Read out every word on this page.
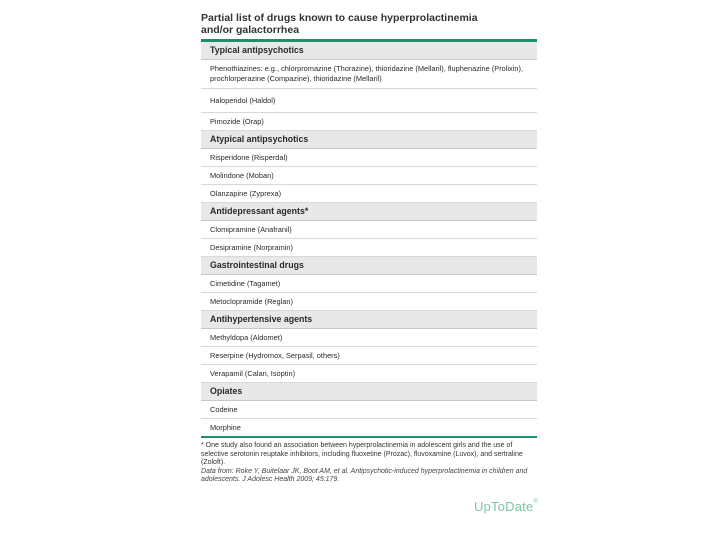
Partial list of drugs known to cause hyperprolactinemia
and/or galactorrhea
Typical antipsychotics
Phenothiazines: e.g., chlorpromazine (Thorazine), thioridazine (Mellaril), fluphenazine (Prolixin), prochlorperazine (Compazine), thioridazine (Mellaril)
Haloperidol (Haldol)
Pimozide (Orap)
Atypical antipsychotics
Risperidone (Risperdal)
Molindone (Moban)
Olanzapine (Zyprexa)
Antidepressant agents*
Clomipramine (Anafranil)
Desipramine (Norpramin)
Gastrointestinal drugs
Cimetidine (Tagamet)
Metoclopramide (Reglan)
Antihypertensive agents
Methyldopa (Aldomet)
Reserpine (Hydromox, Serpasil, others)
Verapamil (Calan, Isoptin)
Opiates
Codeine
Morphine
* One study also found an association between hyperprolactinemia in adolescent girls and the use of selective serotonin reuptake inhibitors, including fluoxetine (Prozac), fluvoxamine (Luvox), and sertraline (Zoloft).
Data from: Roke Y, Buitelaar JK, Boot AM, et al. Antipsychotic-induced hyperprolactinemia in children and adolescents. J Adolesc Health 2009; 45:179.
UpToDate®
